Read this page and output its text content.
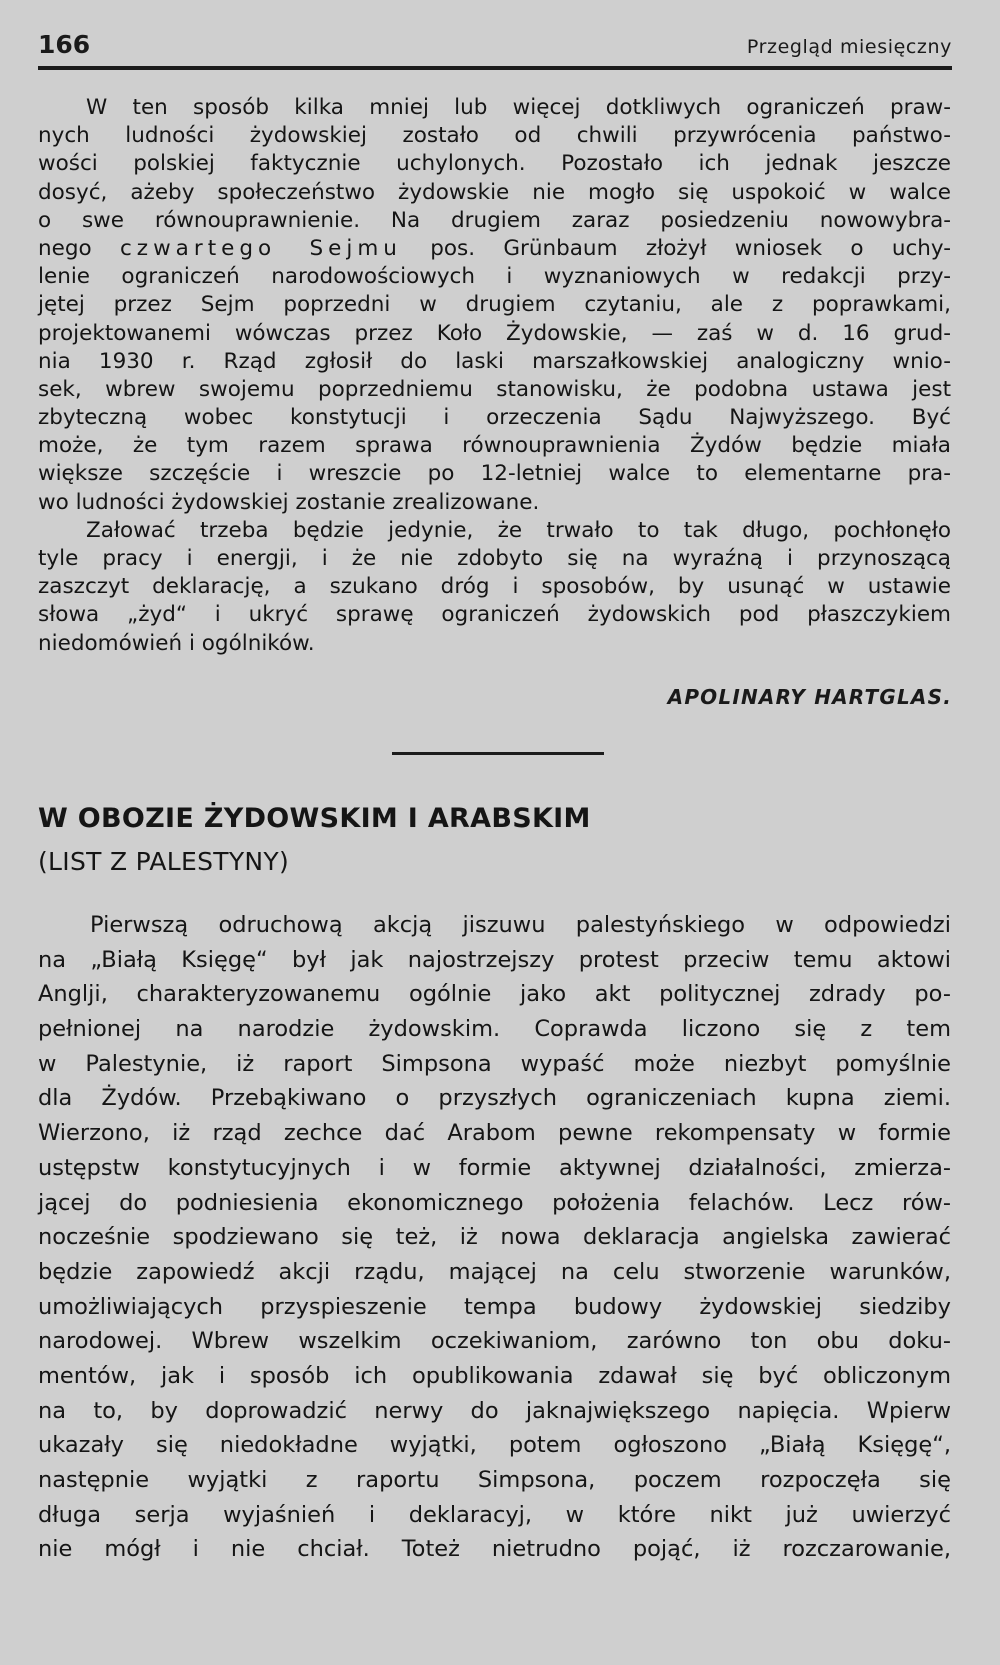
166	Przegląd miesięczny
W ten sposób kilka mniej lub więcej dotkliwych ograniczeń praw-
nych ludności żydowskiej zostało od chwili przywrócenia państwo-
wości polskiej faktycznie uchylonych. Pozostało ich jednak jeszcze
dosyć, ażeby społeczeństwo żydowskie nie mogło się uspokoić w walce
o swe równouprawnienie. Na drugiem zaraz posiedzeniu nowowybra-
nego czwartego Sejmu pos. Grünbaum złożył wniosek o uchy-
lenie ograniczeń narodowościowych i wyznaniowych w redakcji przy-
jętej przez Sejm poprzedni w drugiem czytaniu, ale z poprawkami,
projektowanemi wówczas przez Koło Żydowskie, — zaś w d. 16 grud-
nia 1930 r. Rząd zgłosił do laski marszałkowskiej analogiczny wnio-
sek, wbrew swojemu poprzedniemu stanowisku, że podobna ustawa jest
zbyteczną wobec konstytucji i orzeczenia Sądu Najwyższego. Być
może, że tym razem sprawa równouprawnienia Żydów będzie miała
większe szczęście i wreszcie po 12-letniej walce to elementarne pra-
wo ludności żydowskiej zostanie zrealizowane.
Załować trzeba będzie jedynie, że trwało to tak długo, pochłonęło
tyle pracy i energji, i że nie zdobyto się na wyraźną i przynoszącą
zaszczyt deklarację, a szukano dróg i sposobów, by usunąć w ustawie
słowa „żyd“ i ukryć sprawę ograniczeń żydowskich pod płaszczykiem
niedomówień i ogólników.
APOLINARY HARTGLAS.
W OBOZIE ŻYDOWSKIM I ARABSKIM
(LIST Z PALESTYNY)
Pierwszą odruchową akcją jiszuwu palestyńskiego w odpowiedzi
na „Białą Księgę“ był jak najostrzejszy protest przeciw temu aktowi
Anglji, charakteryzowanemu ogólnie jako akt politycznej zdrady po-
pełnionej na narodzie żydowskim. Coprawda liczono się z tem
w Palestynie, iż raport Simpsona wypaść może niezbyt pomyślnie
dla Żydów. Przebąkiwano o przyszłych ograniczeniach kupna ziemi.
Wierzono, iż rząd zechce dać Arabom pewne rekompensaty w formie
ustępstw konstytucyjnych i w formie aktywnej działalności, zmierza-
jącej do podniesienia ekonomicznego położenia felachów. Lecz rów-
nocześnie spodziewano się też, iż nowa deklaracja angielska zawierać
będzie zapowiedź akcji rządu, mającej na celu stworzenie warunków,
umożliwiających przyspieszenie tempa budowy żydowskiej siedziby
narodowej. Wbrew wszelkim oczekiwaniom, zarówno ton obu doku-
mentów, jak i sposób ich opublikowania zdawał się być obliczonym
na to, by doprowadzić nerwy do jaknajwiększego napięcia. Wpierw
ukazały się niedokładne wyjątki, potem ogłoszono „Białą Księgę“,
następnie wyjątki z raportu Simpsona, poczem rozpoczęła się
długa serja wyjaśnień i deklaracyj, w które nikt już uwierzyć
nie mógł i nie chciał. Toteż nietrudno pojąć, iż rozczarowanie,
